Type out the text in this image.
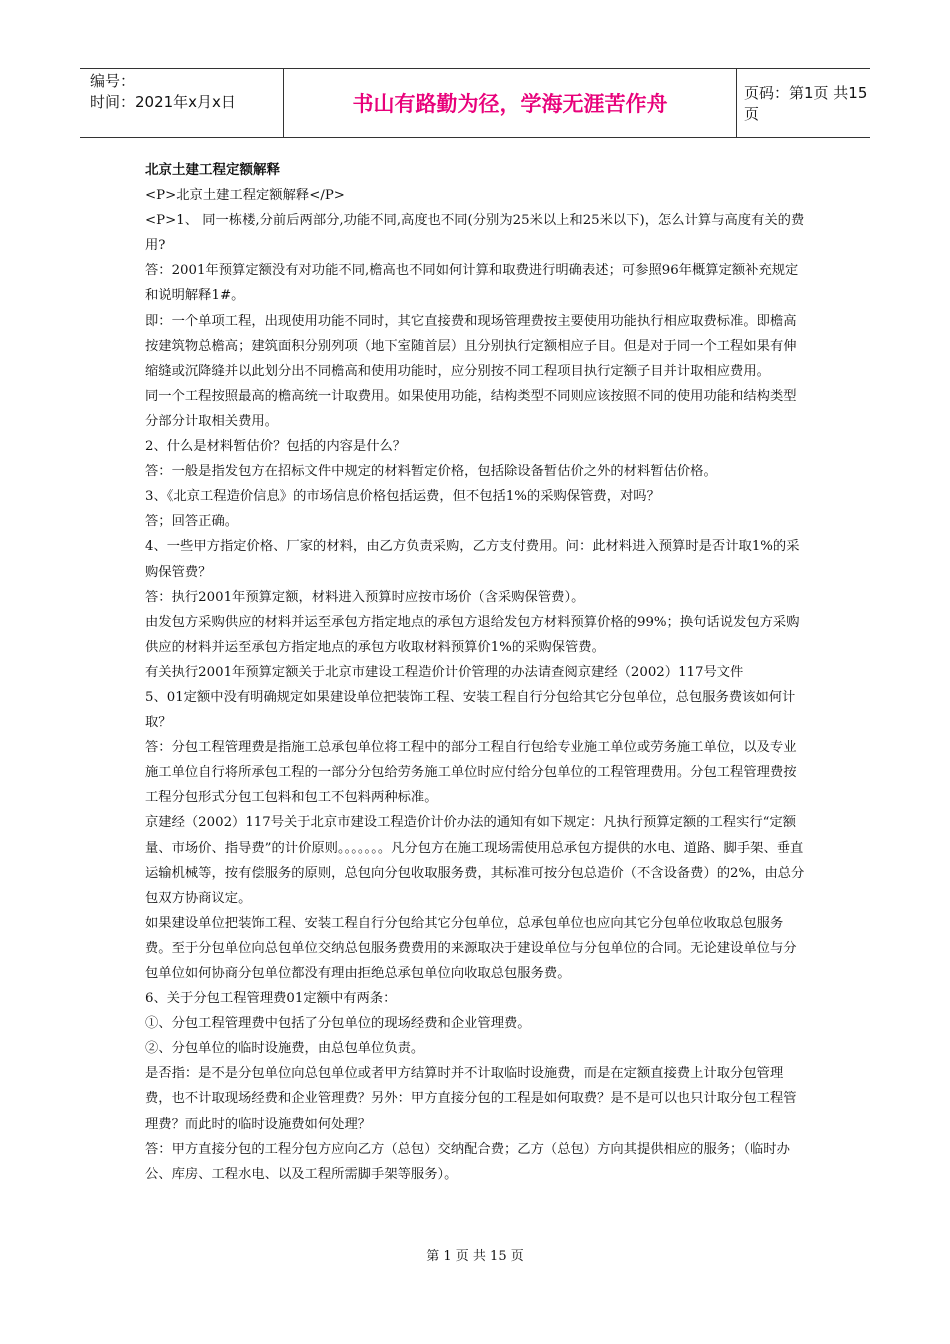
编号：
时间：2021年x月x日	书山有路勤为径，学海无涯苦作舟	页码：第1页 共15页

北京土建工程定额解释

<P>北京土建工程定额解释</P>

<P>1、 同一栋楼,分前后两部分,功能不同,高度也不同(分别为25米以上和25米以下)，怎么计算与高度有关的费用?

答：2001年预算定额没有对功能不同,檐高也不同如何计算和取费进行明确表述；可参照96年概算定额补充规定和说明解释1#。

即：一个单项工程，出现使用功能不同时，其它直接费和现场管理费按主要使用功能执行相应取费标准。即檐高按建筑物总檐高；建筑面积分别列项（地下室随首层）且分别执行定额相应子目。但是对于同一个工程如果有伸缩缝或沉降缝并以此划分出不同檐高和使用功能时，应分别按不同工程项目执行定额子目并计取相应费用。

同一个工程按照最高的檐高统一计取费用。如果使用功能，结构类型不同则应该按照不同的使用功能和结构类型分部分计取相关费用。

2、什么是材料暂估价？包括的内容是什么？

答：一般是指发包方在招标文件中规定的材料暂定价格，包括除设备暂估价之外的材料暂估价格。

3、《北京工程造价信息》的市场信息价格包括运费，但不包括1%的采购保管费，对吗？

答；回答正确。

4、一些甲方指定价格、厂家的材料，由乙方负责采购，乙方支付费用。问：此材料进入预算时是否计取1%的采购保管费？

答：执行2001年预算定额，材料进入预算时应按市场价（含采购保管费）。

由发包方采购供应的材料并运至承包方指定地点的承包方退给发包方材料预算价格的99%；换句话说发包方采购供应的材料并运至承包方指定地点的承包方收取材料预算价1%的采购保管费。

有关执行2001年预算定额关于北京市建设工程造价计价管理的办法请查阅京建经（2002）117号文件

5、01定额中没有明确规定如果建设单位把装饰工程、安装工程自行分包给其它分包单位，总包服务费该如何计取？

答：分包工程管理费是指施工总承包单位将工程中的部分工程自行包给专业施工单位或劳务施工单位，以及专业施工单位自行将所承包工程的一部分分包给劳务施工单位时应付给分包单位的工程管理费用。分包工程管理费按工程分包形式分包工包料和包工不包料两种标准。

京建经（2002）117号关于北京市建设工程造价计价办法的通知有如下规定：凡执行预算定额的工程实行“定额量、市场价、指导费”的计价原则。。。。。。。凡分包方在施工现场需使用总承包方提供的水电、道路、脚手架、垂直运输机械等，按有偿服务的原则，总包向分包收取服务费，其标准可按分包总造价（不含设备费）的2%，由总分包双方协商议定。

如果建设单位把装饰工程、安装工程自行分包给其它分包单位，总承包单位也应向其它分包单位收取总包服务费。至于分包单位向总包单位交纳总包服务费费用的来源取决于建设单位与分包单位的合同。无论建设单位与分包单位如何协商分包单位都没有理由拒绝总承包单位向收取总包服务费。

6、关于分包工程管理费01定额中有两条：

①、分包工程管理费中包括了分包单位的现场经费和企业管理费。

②、分包单位的临时设施费，由总包单位负责。

是否指：是不是分包单位向总包单位或者甲方结算时并不计取临时设施费，而是在定额直接费上计取分包管理费，也不计取现场经费和企业管理费？另外：甲方直接分包的工程是如何取费？是不是可以也只计取分包工程管理费？而此时的临时设施费如何处理？

答：甲方直接分包的工程分包方应向乙方（总包）交纳配合费；乙方（总包）方向其提供相应的服务；（临时办公、库房、工程水电、以及工程所需脚手架等服务）。

第 1 页 共 15 页
